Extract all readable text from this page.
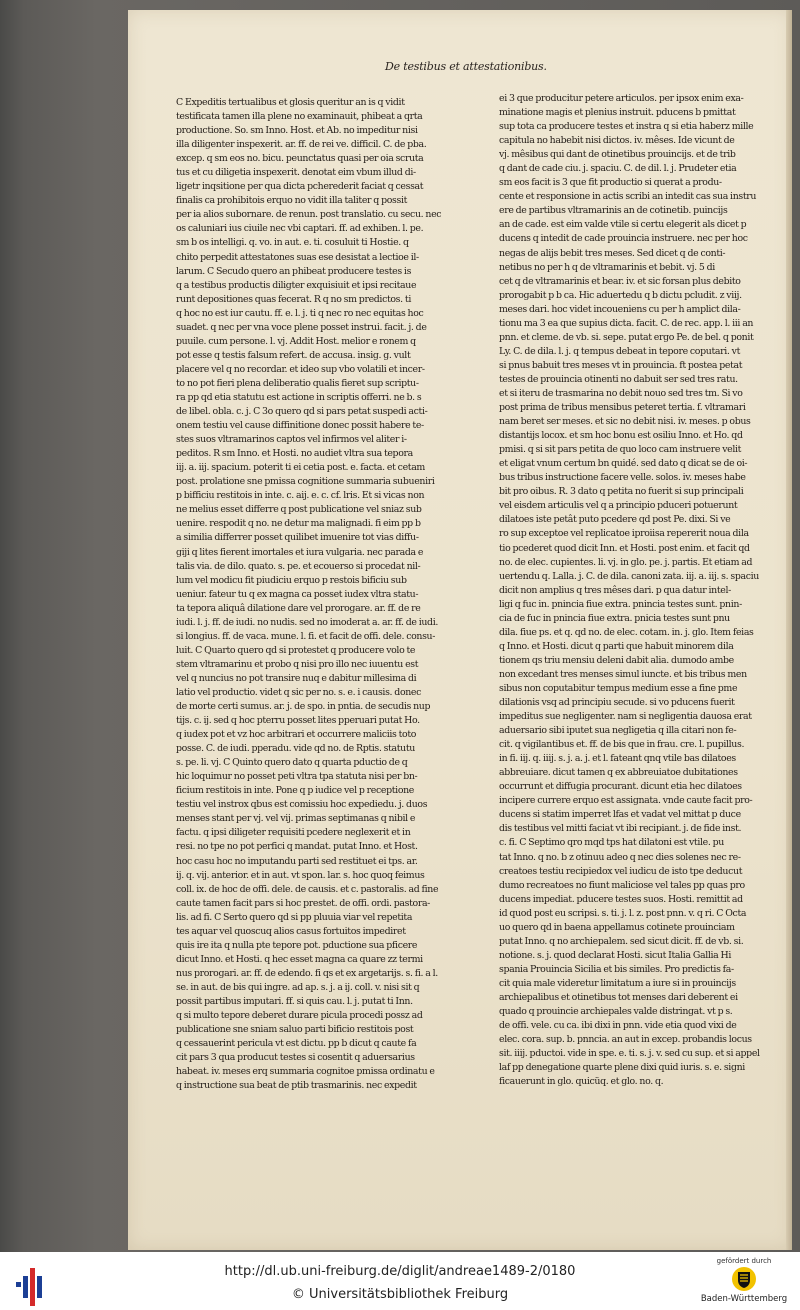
De testibus et attestationibus.
C Expeditis tertualibus et glosis queritur an is q vidit
testificata tamen illa plene no examinauit, phibeat a qrta
productione. So. sm Inno. Host. et Ab. no impeditur nisi
illa diligenter inspexerit. ar. ff. de rei ve. difficil. C. de pba.
excep. q sm eos no. bicu. peunctatus quasi per oia scruta
tus et cu diligetia inspexerit. denotat eim vbum illud di-
ligetr inqsitione per qua dicta pcherederit faciat q cessat
finalis ca prohibitois erquo no vidit illa taliter q possit
per ia alios subornare. de renun. post translatio. cu secu. nec
os caluniari ius ciuile nec vbi captari. ff. ad exhiben. l. pe.
sm b os intelligi. q. vo. in aut. e. ti. cosuluit ti Hostie. q
chito perpedit attestatones suas ese desistat a lectioe il-
larum. C Secudo quero an phibeat producere testes is
q a testibus productis diligter exquisiuit et ipsi recitaue
runt depositiones quas fecerat. R q no sm predictos. ti
q hoc no est iur cautu. ff. e. l. j. ti q nec ro nec equitas hoc
suadet. q nec per vna voce plene posset instrui. facit. j. de
puuile. cum persone. l. vj. Addit Host. melior e ronem q
pot esse q testis falsum refert. de accusa. insig. g. vult
placere vel q no recordar. et ideo sup vbo volatili et incer-
to no pot fieri plena deliberatio qualis fieret sup scriptu-
ra pp qd etia statutu est actione in scriptis offerri. ne b. s
de libel. obla. c. j. C 3o quero qd si pars petat suspedi acti-
onem testiu vel cause diffinitione donec possit habere te-
stes suos vltramarinos captos vel infirmos vel aliter i-
peditos. R sm Inno. et Hosti. no audiet vltra sua tepora
iij. a. iij. spacium. poterit ti ei cetia post. e. facta. et cetam
post. prolatione sne pmissa cognitione summaria subueniri
p bifficiu restitois in inte. c. aij. e. c. cf. lris. Et si vicas non
ne melius esset differre q post publicatione vel sniaz sub
uenire. respodit q no. ne detur ma malignadi. fi eim pp b
a similia differrer posset quilibet imuenire tot vias diffu-
giji q lites fierent imortales et iura vulgaria. nec parada e
talis via. de dilo. quato. s. pe. et ecouerso si procedat nil-
lum vel modicu fit piudiciu erquo p restois bificiu sub
ueniur. fateur tu q ex magna ca posset iudex vltra statu-
ta tepora aliquâ dilatione dare vel prorogare. ar. ff. de re
iudi. l. j. ff. de iudi. no nudis. sed no imoderat a. ar. ff. de iudi.
si longius. ff. de vaca. mune. l. fi. et facit de offi. dele. consu-
luit. C Quarto quero qd si protestet q producere volo te
stem vltramarinu et probo q nisi pro illo nec iuuentu est
vel q nuncius no pot transire nuq e dabitur millesima di
latio vel productio. videt q sic per no. s. e. i causis. donec
de morte certi sumus. ar. j. de spo. in pntia. de secudis nup
tijs. c. ij. sed q hoc pterru posset lites pperuari putat Ho.
q iudex pot et vz hoc arbitrari et occurrere maliciis toto
posse. C. de iudi. pperadu. vide qd no. de Rptis. statutu
s. pe. li. vj. C Quinto quero dato q quarta pductio de q
hic loquimur no posset peti vltra tpa statuta nisi per bn-
ficium restitois in inte. Pone q p iudice vel p receptione
testiu vel instrox qbus est comissiu hoc expediedu. j. duos
menses stant per vj. vel vij. primas septimanas q nibil e
factu. q ipsi diligeter requisiti pcedere neglexerit et in
resi. no tpe no pot perfici q mandat. putat Inno. et Host.
hoc casu hoc no imputandu parti sed restituet ei tps. ar.
ij. q. vij. anterior. et in aut. vt spon. lar. s. hoc quoq feimus
coll. ix. de hoc de offi. dele. de causis. et c. pastoralis. ad fine
caute tamen facit pars si hoc prestet. de offi. ordi. pastora-
lis. ad fi. C Serto quero qd si pp pluuia viar vel repetita
tes aquar vel quoscuq alios casus fortuitos impediret
quis ire ita q nulla pte tepore pot. pductione sua pficere
dicut Inno. et Hosti. q hec esset magna ca quare zz termi
nus prorogari. ar. ff. de edendo. fi qs et ex argetarijs. s. fi. a l.
se. in aut. de bis qui ingre. ad ap. s. j. a ij. coll. v. nisi sit q
possit partibus imputari. ff. si quis cau. l. j. putat ti Inn.
q si multo tepore deberet durare picula procedi possz ad
publicatione sne sniam saluo parti bificio restitois post
q cessauerint pericula vt est dictu. pp b dicut q caute fa
cit pars 3 qua producut testes si cosentit q aduersarius
habeat. iv. meses erq summaria cognitoe pmissa ordinatu e
q instructione sua beat de ptib trasmarinis. nec expedit
ei 3 que producitur petere articulos. per ipsox enim exa-
minatione magis et plenius instruit. pducens b pmittat
sup tota ca producere testes et instra q si etia haberz mille
capitula no habebit nisi dictos. iv. mêses. Ide vicunt de
vj. mêsibus qui dant de otinetibus prouincijs. et de trib
q dant de cade ciu. j. spaciu. C. de dil. l. j. Prudeter etia
sm eos facit is 3 que fit productio si querat a produ-
cente et responsione in actis scribi an intedit cas sua instru
ere de partibus vltramarinis an de cotinetib. puincijs
an de cade. est eim valde vtile si certu elegerit als dicet p
ducens q intedit de cade prouincia instruere. nec per hoc
negas de alijs bebit tres meses. Sed dicet q de conti-
netibus no per h q de vltramarinis et bebit. vj. 5 di
cet q de vltramarinis et bear. iv. et sic forsan plus debito
prorogabit p b ca. Hic aduertedu q b dictu pcludit. z viij.
meses dari. hoc videt incoueniens cu per h amplict dila-
tionu ma 3 ea que supius dicta. facit. C. de rec. app. l. iii an
pnn. et cleme. de vb. si. sepe. putat ergo Pe. de bel. q ponit
Ly. C. de dila. l. j. q tempus debeat in tepore coputari. vt
si pnus babuit tres meses vt in prouincia. ft postea petat
testes de prouincia otinenti no dabuit ser sed tres ratu.
et si iteru de trasmarina no debit nouo sed tres tm. Si vo
post prima de tribus mensibus peteret tertia. f. vltramari
nam beret ser meses. et sic no debit nisi. iv. meses. p obus
distantijs locox. et sm hoc bonu est osiliu Inno. et Ho. qd
pmisi. q si sit pars petita de quo loco cam instruere velit
et eligat vnum certum bn quidé. sed dato q dicat se de oi-
bus tribus instructione facere velle. solos. iv. meses habe
bit pro oibus. R. 3 dato q petita no fuerit si sup principali
vel eisdem articulis vel q a principio pduceri potuerunt
dilatoes iste petât puto pcedere qd post Pe. dixi. Si ve
ro sup exceptoe vel replicatoe iproiisa repererit noua dila
tio pcederet quod dicit Inn. et Hosti. post enim. et facit qd
no. de elec. cupientes. li. vj. in glo. pe. j. partis. Et etiam ad
uertendu q. Lalla. j. C. de dila. canoni zata. iij. a. iij. s. spaciu
dicit non amplius q tres mêses dari. p qua datur intel-
ligi q fuc in. pnincia fiue extra. pnincia testes sunt. pnin-
cia de fuc in pnincia fiue extra. pnicia testes sunt pnu
dila. fiue ps. et q. qd no. de elec. cotam. in. j. glo. Item feias
q Inno. et Hosti. dicut q parti que habuit minorem dila
tionem qs triu mensiu deleni dabit alia. dumodo ambe
non excedant tres menses simul iuncte. et bis tribus men
sibus non coputabitur tempus medium esse a fine pme
dilationis vsq ad principiu secude. si vo pducens fuerit
impeditus sue negligenter. nam si negligentia dauosa erat
aduersario sibi iputet sua negligetia q illa citari non fe-
cit. q vigilantibus et. ff. de bis que in frau. cre. l. pupillus.
in fi. iij. q. iiij. s. j. a. j. et l. fateant qnq vtile bas dilatoes
abbreuiare. dicut tamen q ex abbreuiatoe dubitationes
occurrunt et diffugia procurant. dicunt etia hec dilatoes
incipere currere erquo est assignata. vnde caute facit pro-
ducens si statim imperret lfas et vadat vel mittat p duce
dis testibus vel mitti faciat vt ibi recipiant. j. de fide inst.
c. fi. C Septimo qro mqd tps hat dilatoni est vtile. pu
tat Inno. q no. b z otinuu adeo q nec dies solenes nec re-
creatoes testiu recipiedox vel iudicu de isto tpe deducut
dumo recreatoes no fiunt maliciose vel tales pp quas pro
ducens impediat. pducere testes suos. Hosti. remittit ad
id quod post eu scripsi. s. ti. j. l. z. post pnn. v. q ri. C Octa
uo quero qd in baena appellamus cotinete prouinciam
putat Inno. q no archiepalem. sed sicut dicit. ff. de vb. si.
notione. s. j. quod declarat Hosti. sicut Italia Gallia Hi
spania Prouincia Sicilia et bis similes. Pro predictis fa-
cit quia male videretur limitatum a iure si in prouincijs
archiepalibus et otinetibus tot menses dari deberent ei
quado q prouincie archiepales valde distringat. vt p s.
de offi. vele. cu ca. ibi dixi in pnn. vide etia quod vixi de
elec. cora. sup. b. pnncia. an aut in excep. probandis locus
sit. iiij. pductoi. vide in spe. e. ti. s. j. v. sed cu sup. et si appel
laf pp denegatione quarte plene dixi quid iuris. s. e. signi
ficauerunt in glo. quicüq. et glo. no. q.
http://dl.ub.uni-freiburg.de/diglit/andreae1489-2/0180
© Universitätsbibliothek Freiburg
gefördert durch
Baden-Württemberg
